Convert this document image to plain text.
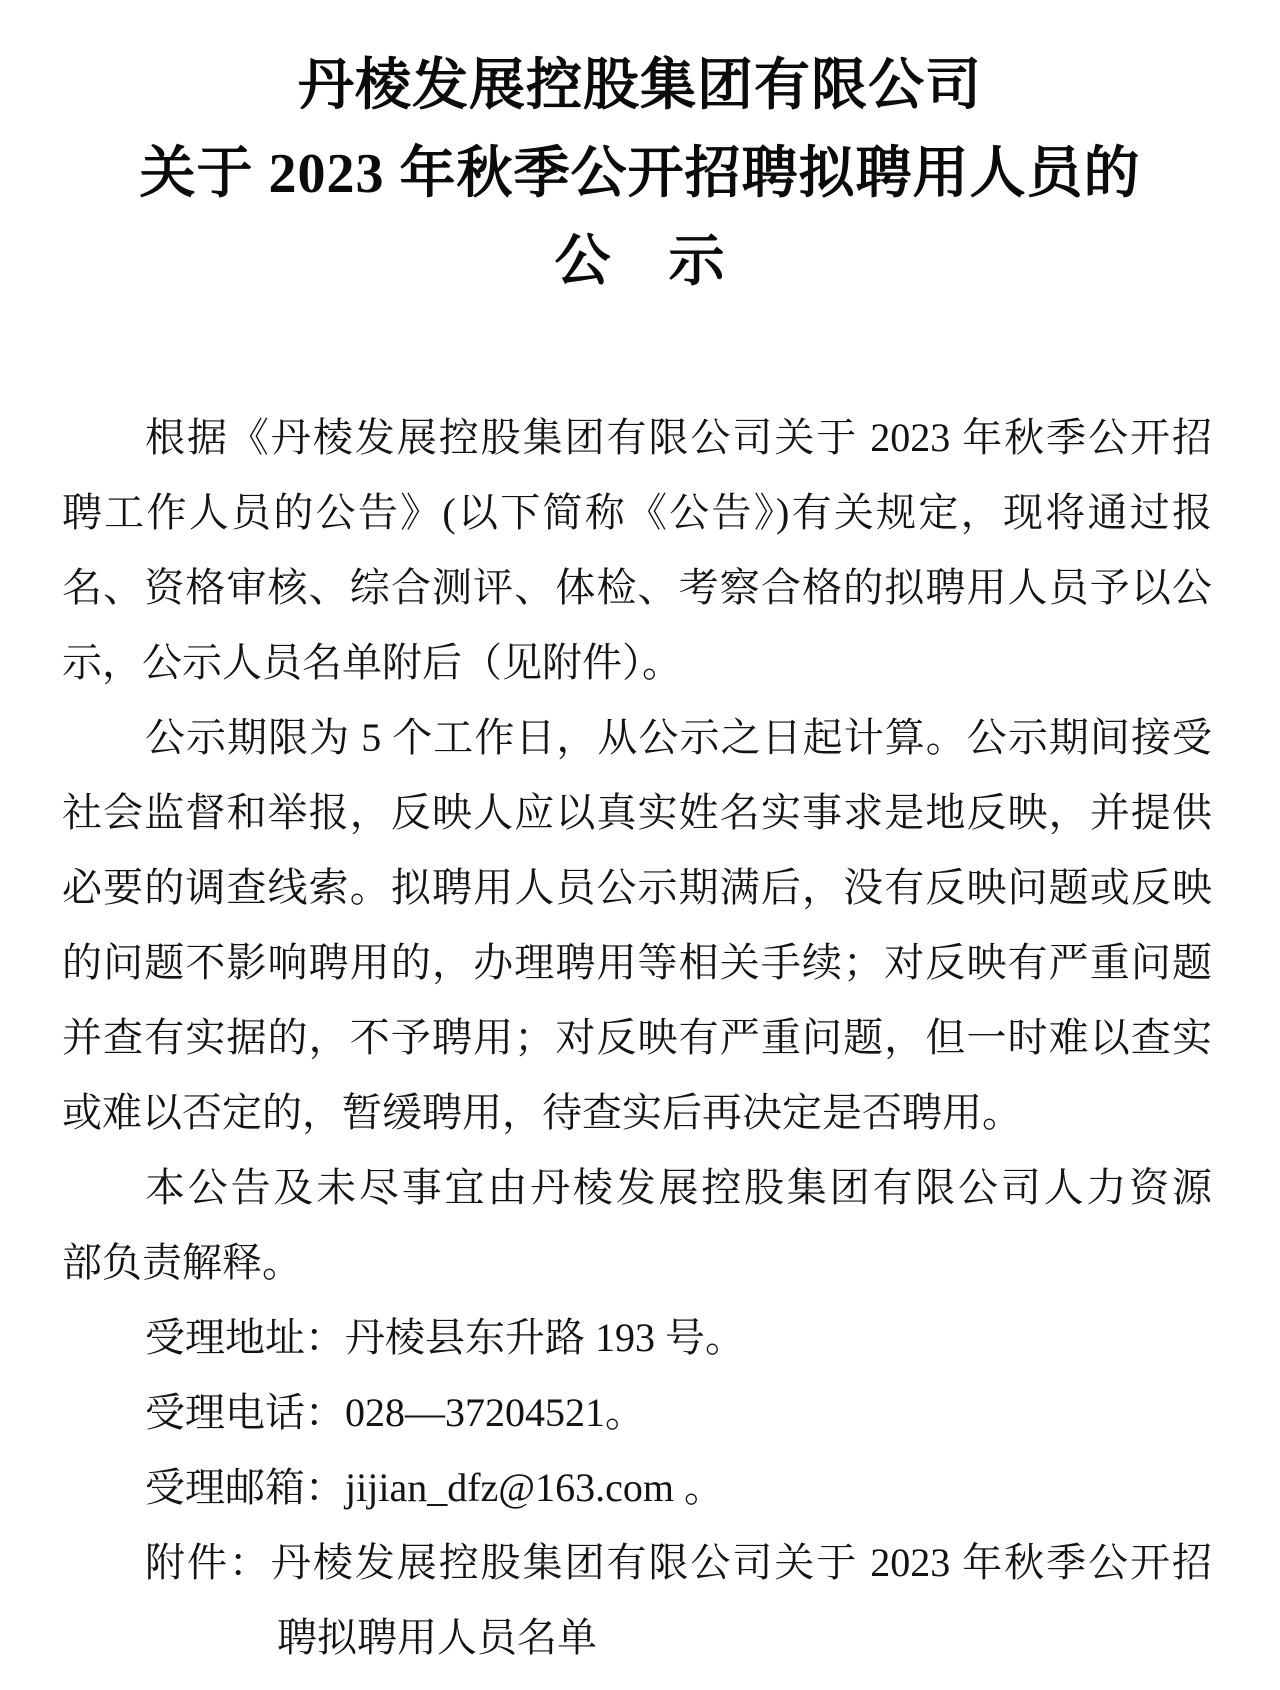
丹棱发展控股集团有限公司
关于 2023 年秋季公开招聘拟聘用人员的
公　示
根据《丹棱发展控股集团有限公司关于 2023 年秋季公开招
聘工作人员的公告》(以下简称《公告》)有关规定，现将通过报
名、资格审核、综合测评、体检、考察合格的拟聘用人员予以公
示，公示人员名单附后（见附件）。
公示期限为 5 个工作日，从公示之日起计算。公示期间接受
社会监督和举报，反映人应以真实姓名实事求是地反映，并提供
必要的调查线索。拟聘用人员公示期满后，没有反映问题或反映
的问题不影响聘用的，办理聘用等相关手续；对反映有严重问题
并查有实据的，不予聘用；对反映有严重问题，但一时难以查实
或难以否定的，暂缓聘用，待查实后再决定是否聘用。
本公告及未尽事宜由丹棱发展控股集团有限公司人力资源
部负责解释。
受理地址：丹棱县东升路 193 号。
受理电话：028—37204521。
受理邮箱：jijian_dfz@163.com 。
附件：丹棱发展控股集团有限公司关于 2023 年秋季公开招
聘拟聘用人员名单
